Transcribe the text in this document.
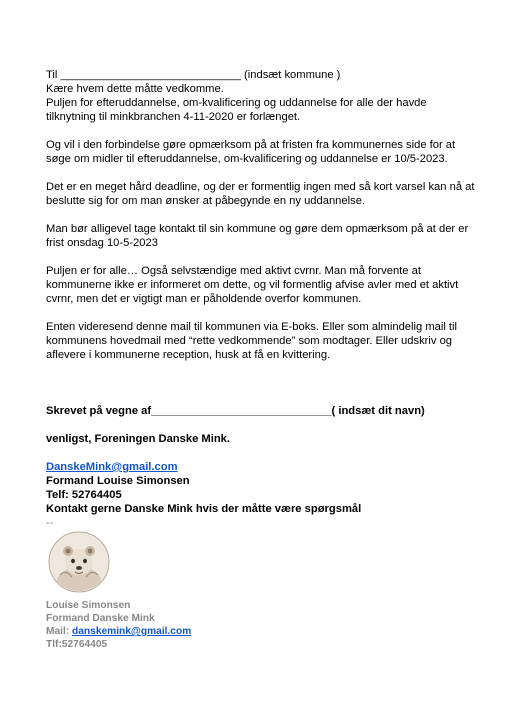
Til _____________________________ (indsæt kommune )

Kære hvem dette måtte vedkomme.

Puljen for efteruddannelse, om-kvalificering og uddannelse for alle der havde tilknytning til minkbranchen 4-11-2020 er forlænget.

Og vil i den forbindelse gøre opmærksom på at fristen fra kommunernes side for at søge om midler til efteruddannelse, om-kvalificering og uddannelse er 10/5-2023.

Det er en meget hård deadline, og der er formentlig ingen med så kort varsel kan nå at beslutte sig for om man ønsker at påbegynde en ny uddannelse.

Man bør alligevel tage kontakt til sin kommune og gøre dem opmærksom på at der er frist onsdag 10-5-2023

Puljen er for alle… Også selvstændige med aktivt cvrnr. Man må forvente at kommunerne ikke er informeret om dette, og vil formentlig afvise avler med et aktivt cvrnr, men det er vigtigt man er påholdende overfor kommunen.

Enten videresend denne mail til kommunen via E-boks. Eller som almindelig mail til kommunens hovedmail med “rette vedkommende” som modtager. Eller udskriv og aflevere i kommunerne reception, husk at få en kvittering.

Skrevet på vegne af_____________________________( indsæt dit navn)

venligst, Foreningen Danske Mink.

DanskeMink@gmail.com

Formand Louise Simonsen

Telf: 52764405

Kontakt gerne Danske Mink hvis der måtte være spørgsmål

--
Louise Simonsen
Formand Danske Mink
Mail: danskemink@gmail.com
Tlf:52764405
